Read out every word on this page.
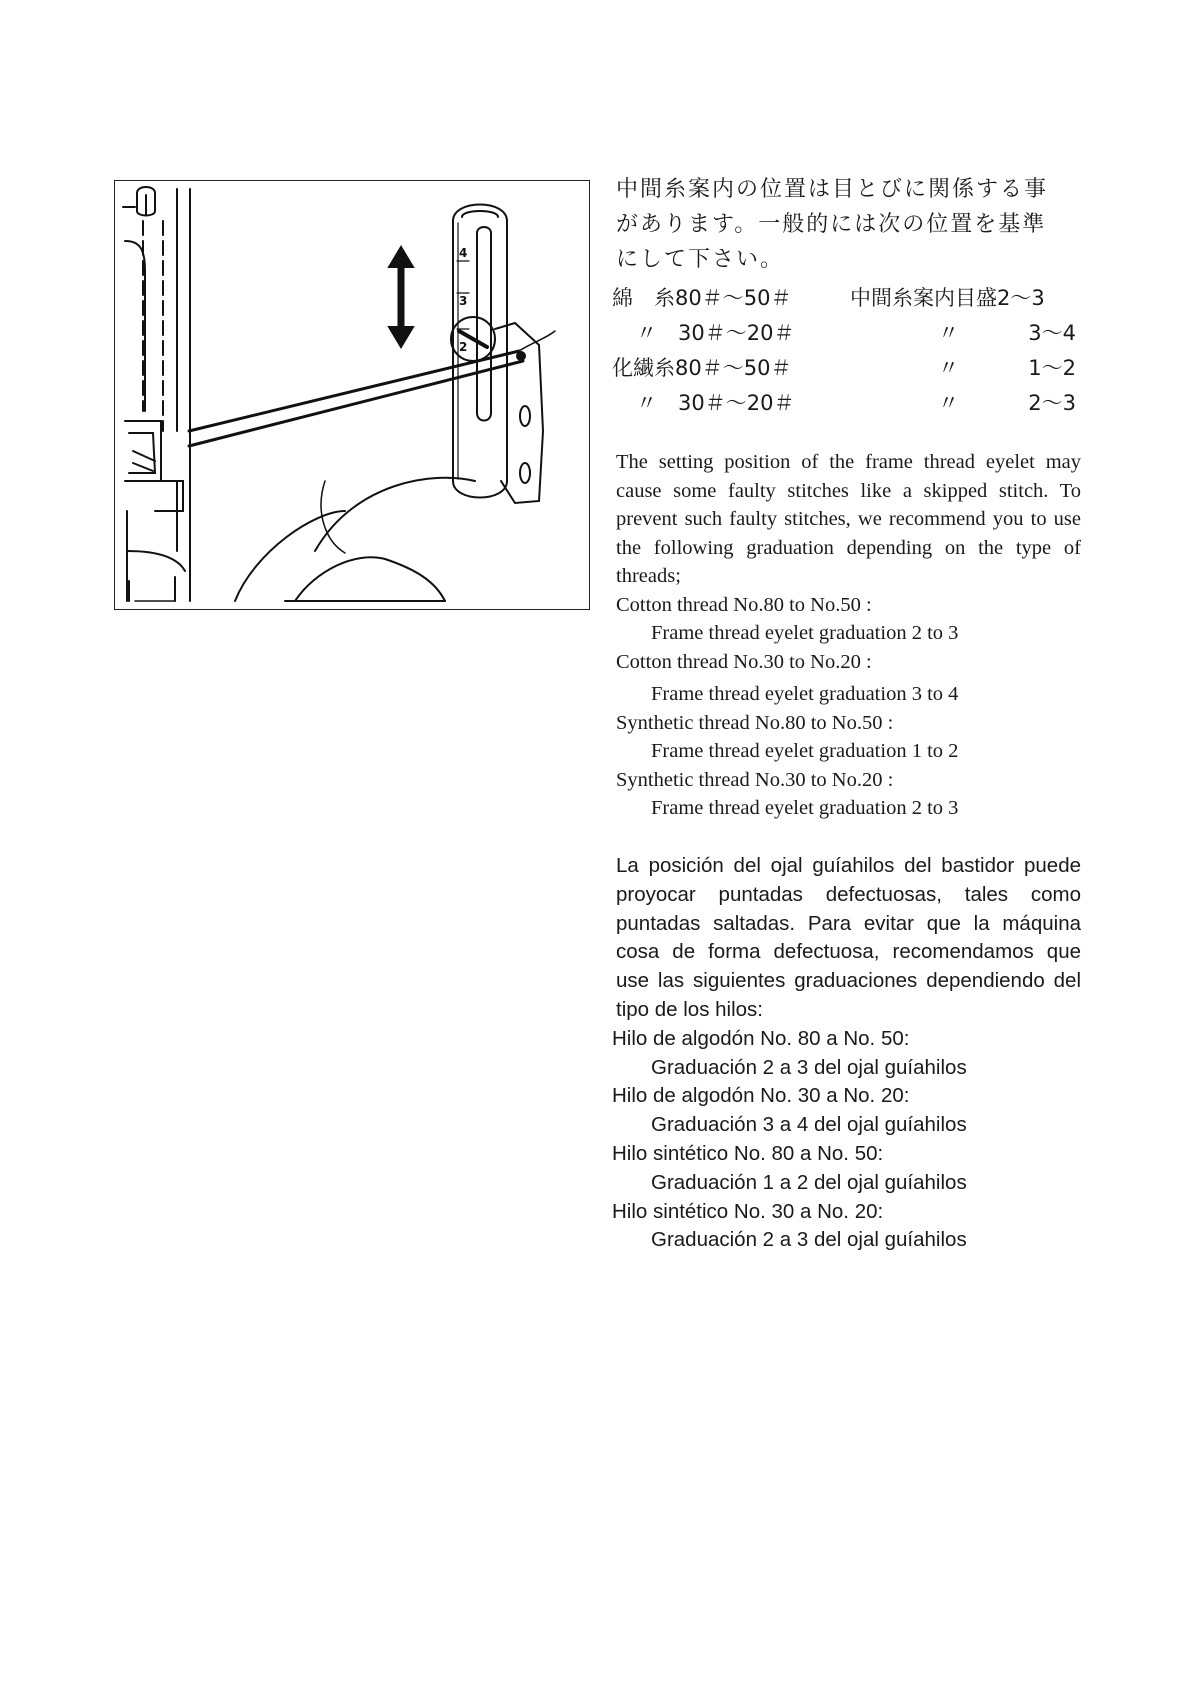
4
3
2

中間糸案内の位置は目とびに関係する事

があります。一般的には次の位置を基準

にして下さい。

綿　糸80＃～50＃	中間糸案内目盛2～3
〃　30＃～20＃	〃	3～4
化繊糸80＃～50＃	〃	1～2
〃　30＃～20＃	〃	2～3

The setting position of the frame thread eyelet may cause some faulty stitches like a skipped stitch. To prevent such faulty stitches, we recommend you to use the following graduation depending on the type of threads;

Cotton thread No.80 to No.50 :

Frame thread eyelet graduation 2 to 3

Cotton thread No.30 to No.20 :

Frame thread eyelet graduation 3 to 4

Synthetic thread No.80 to No.50 :

Frame thread eyelet graduation 1 to 2

Synthetic thread No.30 to No.20 :

Frame thread eyelet graduation 2 to 3

La posición del ojal guíahilos del bastidor puede proyocar puntadas defectuosas, tales como puntadas saltadas. Para evitar que la máquina cosa de forma defectuosa, recomendamos que use las siguientes graduaciones dependiendo del tipo de los hilos:

Hilo de algodón No. 80 a No. 50:

Graduación 2 a 3 del ojal guíahilos

Hilo de algodón No. 30 a No. 20:

Graduación 3 a 4 del ojal guíahilos

Hilo sintético No. 80 a No. 50:

Graduación 1 a 2 del ojal guíahilos

Hilo sintético No. 30 a No. 20:

Graduación 2 a 3 del ojal guíahilos
